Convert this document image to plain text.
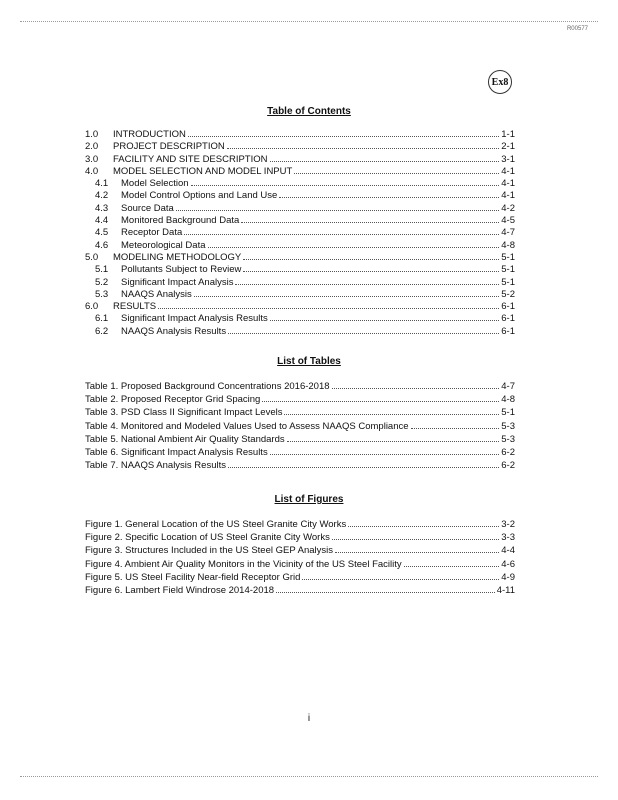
R00577
Ex8
Table of Contents
1.0	INTRODUCTION	1-1
2.0	PROJECT DESCRIPTION	2-1
3.0	FACILITY AND SITE DESCRIPTION	3-1
4.0	MODEL SELECTION AND MODEL INPUT	4-1
4.1	Model Selection	4-1
4.2	Model Control Options and Land Use	4-1
4.3	Source Data	4-2
4.4	Monitored Background Data	4-5
4.5	Receptor Data	4-7
4.6	Meteorological Data	4-8
5.0	MODELING METHODOLOGY	5-1
5.1	Pollutants Subject to Review	5-1
5.2	Significant Impact Analysis	5-1
5.3	NAAQS Analysis	5-2
6.0	RESULTS	6-1
6.1	Significant Impact Analysis Results	6-1
6.2	NAAQS Analysis Results	6-1
List of Tables
Table 1. Proposed Background Concentrations 2016-2018	4-7
Table 2. Proposed Receptor Grid Spacing	4-8
Table 3. PSD Class II Significant Impact Levels	5-1
Table 4. Monitored and Modeled Values Used to Assess NAAQS Compliance	5-3
Table 5. National Ambient Air Quality Standards	5-3
Table 6. Significant Impact Analysis Results	6-2
Table 7. NAAQS Analysis Results	6-2
List of Figures
Figure 1. General Location of the US Steel Granite City Works	3-2
Figure 2. Specific Location of US Steel Granite City Works	3-3
Figure 3. Structures Included in the US Steel GEP Analysis	4-4
Figure 4. Ambient Air Quality Monitors in the Vicinity of the US Steel Facility	4-6
Figure 5. US Steel Facility Near-field Receptor Grid	4-9
Figure 6. Lambert Field Windrose 2014-2018	4-11
i
